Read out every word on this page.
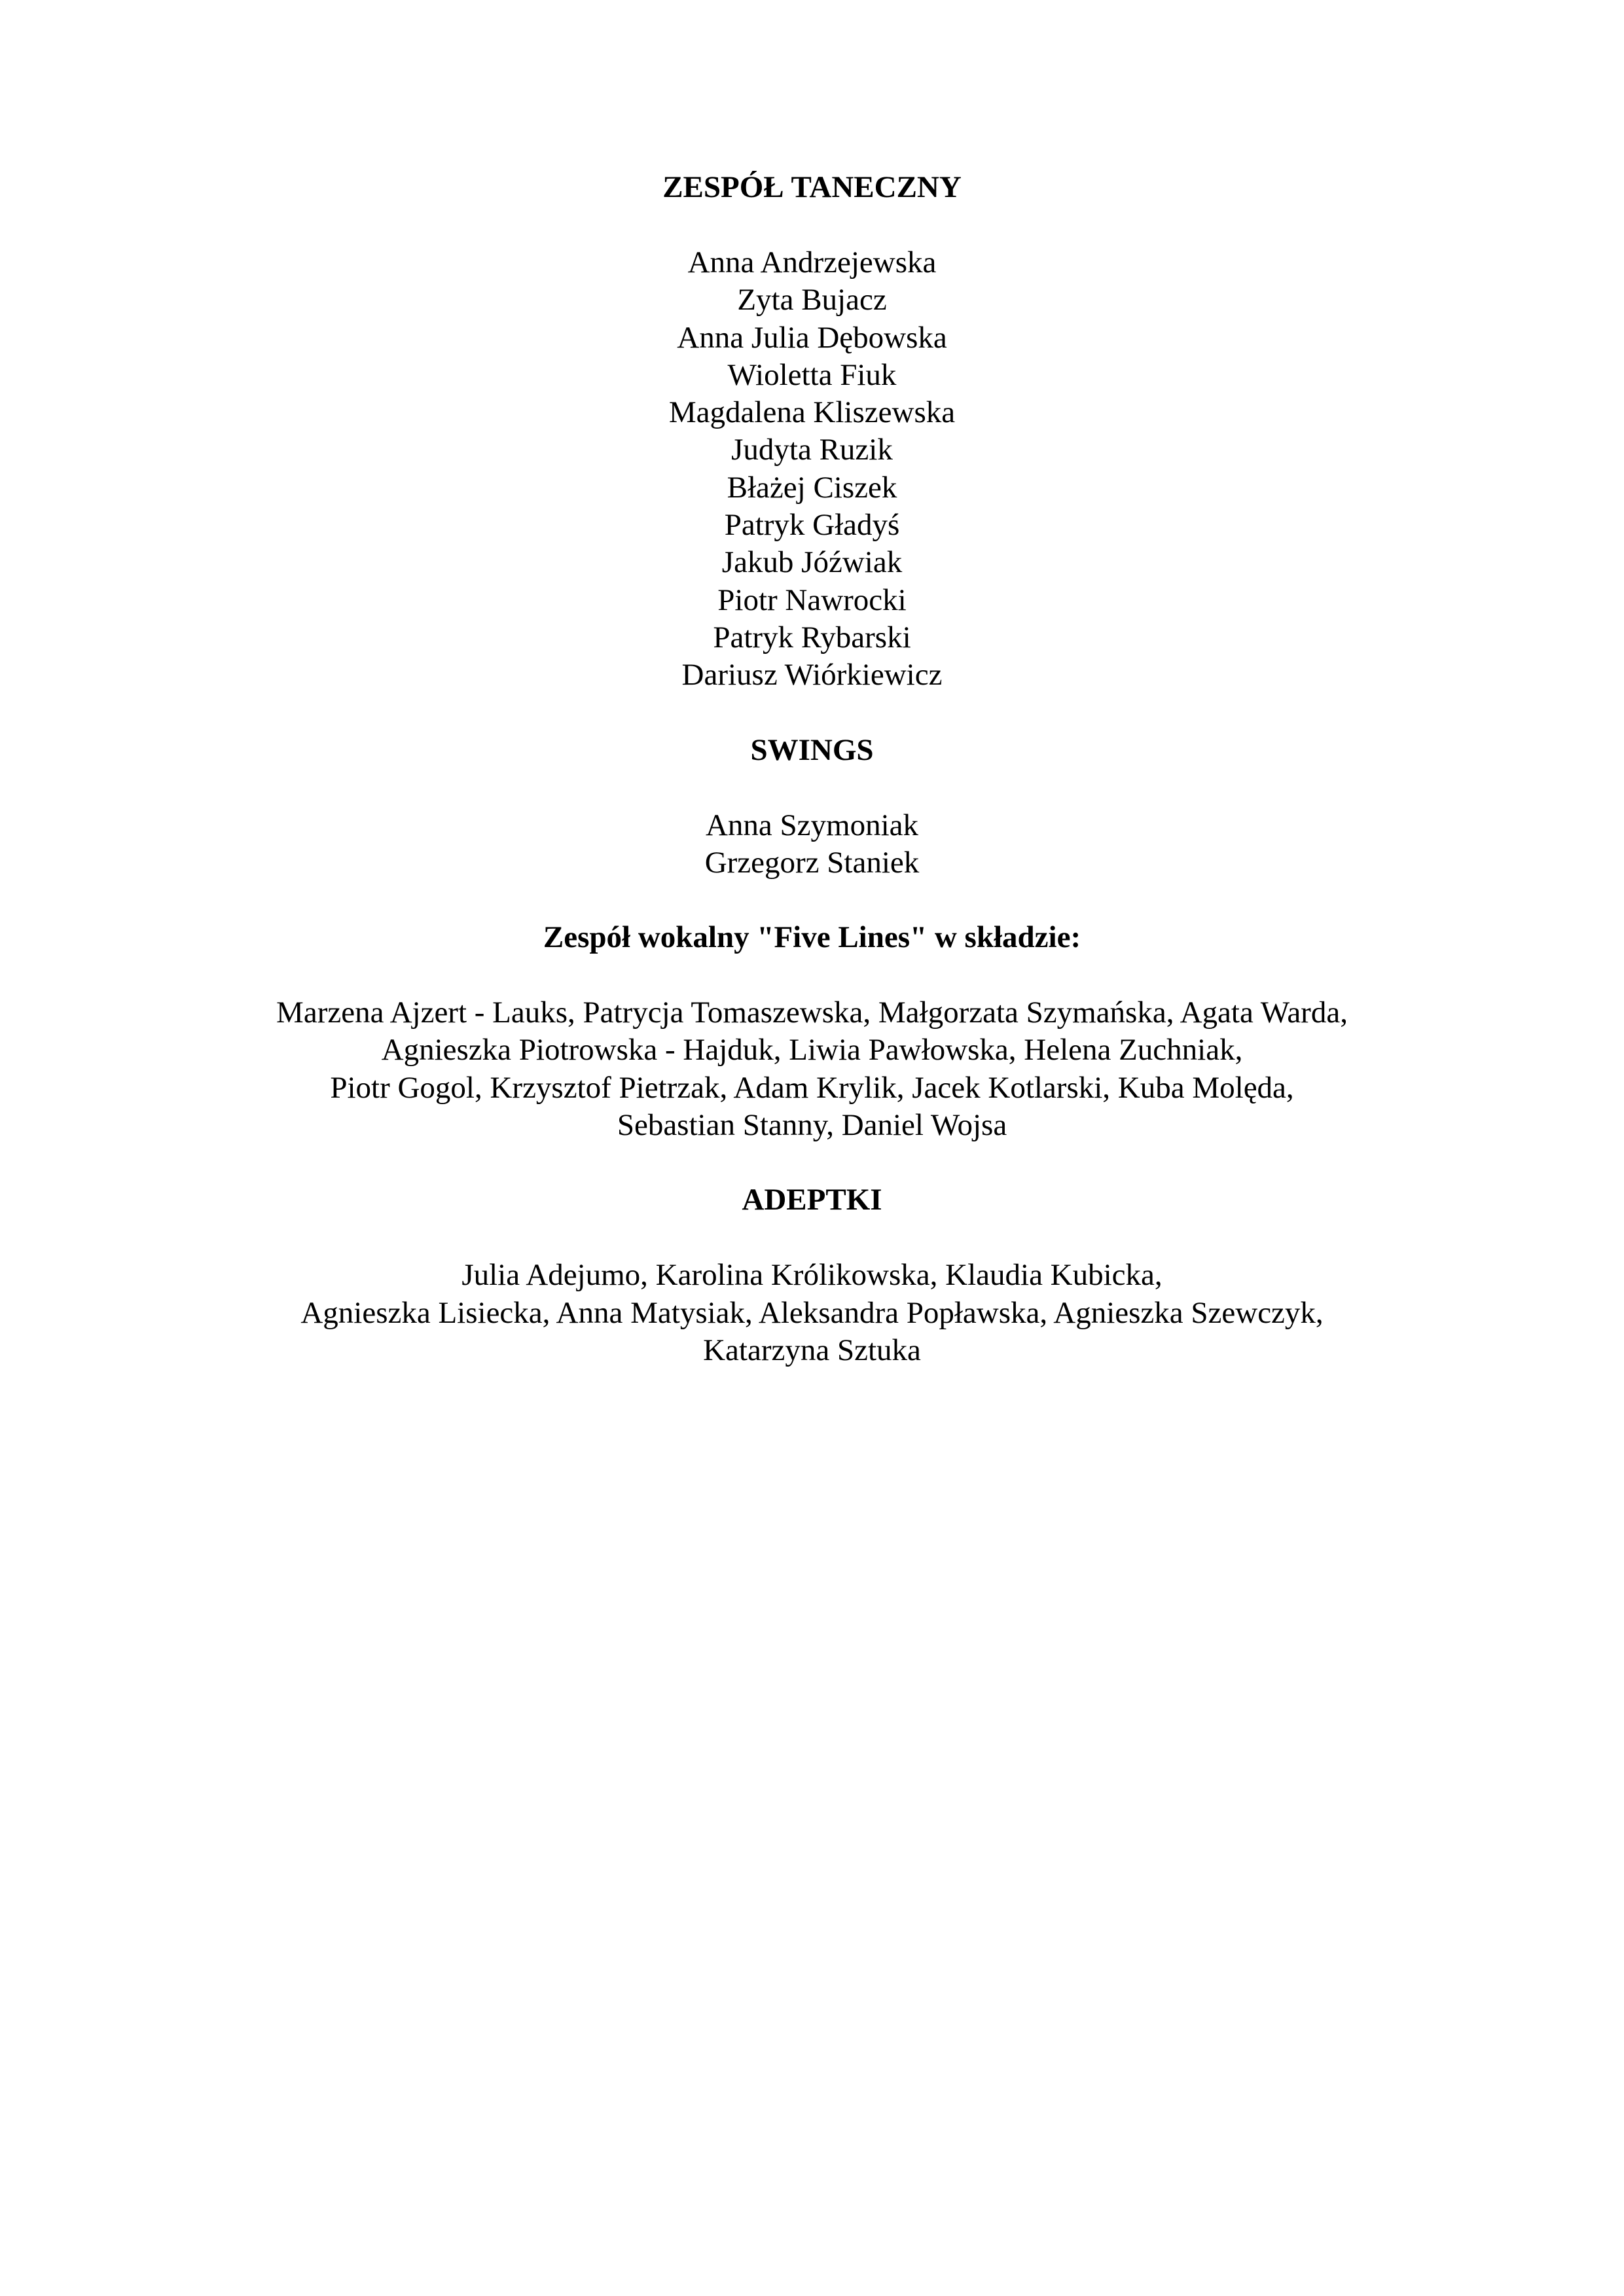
ZESPÓŁ TANECZNY
Anna Andrzejewska
Zyta Bujacz
Anna Julia Dębowska
Wioletta Fiuk
Magdalena Kliszewska
Judyta Ruzik
Błażej Ciszek
Patryk Gładyś
Jakub Jóźwiak
Piotr Nawrocki
Patryk Rybarski
Dariusz Wiórkiewicz
SWINGS
Anna Szymoniak
Grzegorz Staniek
Zespół wokalny "Five Lines" w składzie:

Marzena Ajzert - Lauks, Patrycja Tomaszewska, Małgorzata Szymańska, Agata Warda,
Agnieszka Piotrowska - Hajduk, Liwia Pawłowska, Helena Zuchniak,
Piotr Gogol, Krzysztof Pietrzak, Adam Krylik, Jacek Kotlarski, Kuba Molęda,
Sebastian Stanny, Daniel Wojsa

ADEPTKI

Julia Adejumo, Karolina Królikowska, Klaudia Kubicka,
Agnieszka Lisiecka, Anna Matysiak, Aleksandra Popławska, Agnieszka Szewczyk,
Katarzyna Sztuka
